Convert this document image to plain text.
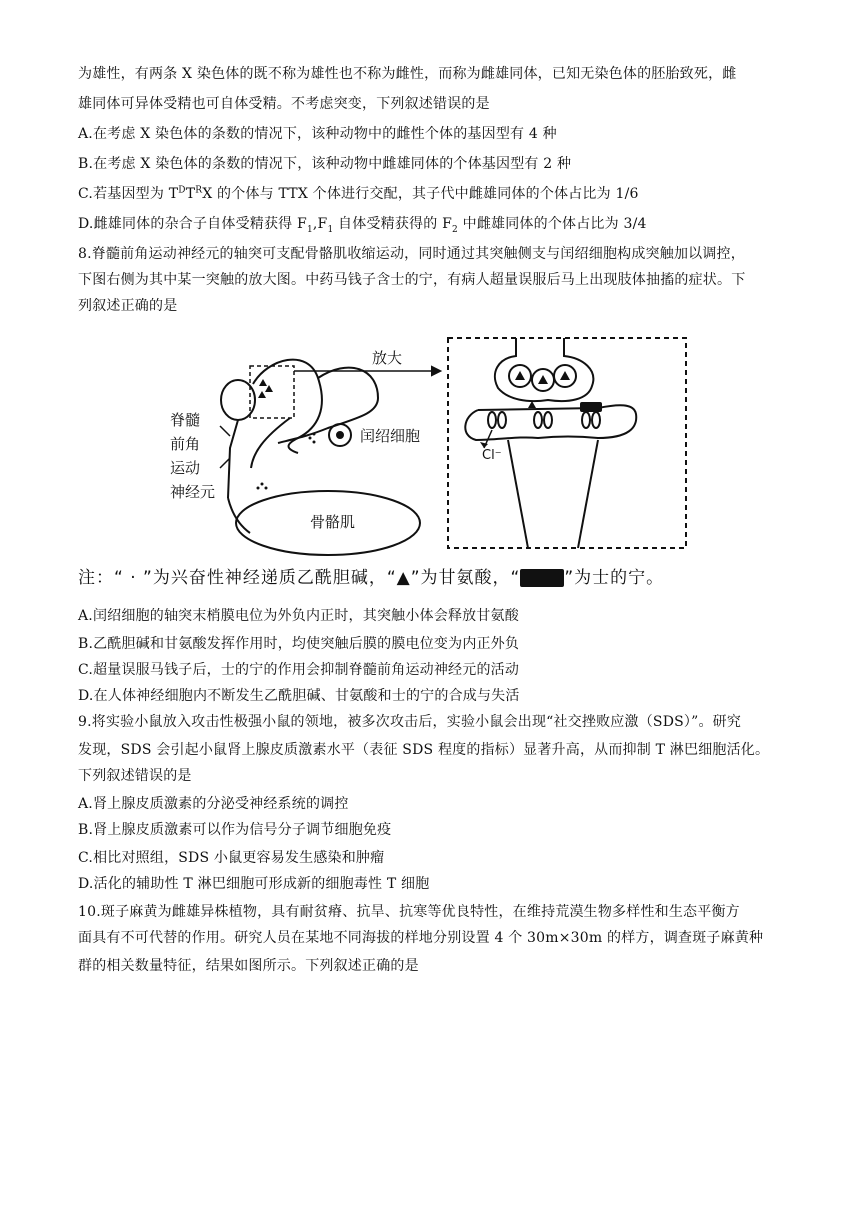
为雄性，有两条 X 染色体的既不称为雄性也不称为雌性，而称为雌雄同体，已知无染色体的胚胎致死，雌
雄同体可异体受精也可自体受精。不考虑突变，下列叙述错误的是
A.在考虑 X 染色体的条数的情况下，该种动物中的雌性个体的基因型有 4 种
B.在考虑 X 染色体的条数的情况下，该种动物中雌雄同体的个体基因型有 2 种
C.若基因型为 $T^DT^RX$ 的个体与 TTX 个体进行交配，其子代中雌雄同体的个体占比为 1/6
D.雌雄同体的杂合子自体受精获得 $F_1,F_1$ 自体受精获得的 $F_2$ 中雌雄同体的个体占比为 3/4
8.脊髓前角运动神经元的轴突可支配骨骼肌收缩运动，同时通过其突触侧支与闰绍细胞构成突触加以调控，
下图右侧为其中某一突触的放大图。中药马钱子含士的宁，有病人超量误服后马上出现肢体抽搐的症状。下
列叙述正确的是
放大
脊髓
前角
运动
神经元
闰绍细胞
骨骼肌
Cl⁻
注：“ · ”为兴奋性神经递质乙酰胆碱，“▲”为甘氨酸，“	”为士的宁。
A.闰绍细胞的轴突末梢膜电位为外负内正时，其突触小体会释放甘氨酸
B.乙酰胆碱和甘氨酸发挥作用时，均使突触后膜的膜电位变为内正外负
C.超量误服马钱子后，士的宁的作用会抑制脊髓前角运动神经元的活动
D.在人体神经细胞内不断发生乙酰胆碱、甘氨酸和士的宁的合成与失活
9.将实验小鼠放入攻击性极强小鼠的领地，被多次攻击后，实验小鼠会出现“社交挫败应激（SDS）”。研究
发现，SDS 会引起小鼠肾上腺皮质激素水平（表征 SDS 程度的指标）显著升高，从而抑制 T 淋巴细胞活化。
下列叙述错误的是
A.肾上腺皮质激素的分泌受神经系统的调控
B.肾上腺皮质激素可以作为信号分子调节细胞免疫
C.相比对照组，SDS 小鼠更容易发生感染和肿瘤
D.活化的辅助性 T 淋巴细胞可形成新的细胞毒性 T 细胞
10.斑子麻黄为雌雄异株植物，具有耐贫瘠、抗旱、抗寒等优良特性，在维持荒漠生物多样性和生态平衡方
面具有不可代替的作用。研究人员在某地不同海拔的样地分别设置 4 个 30m×30m 的样方，调查斑子麻黄种
群的相关数量特征，结果如图所示。下列叙述正确的是
